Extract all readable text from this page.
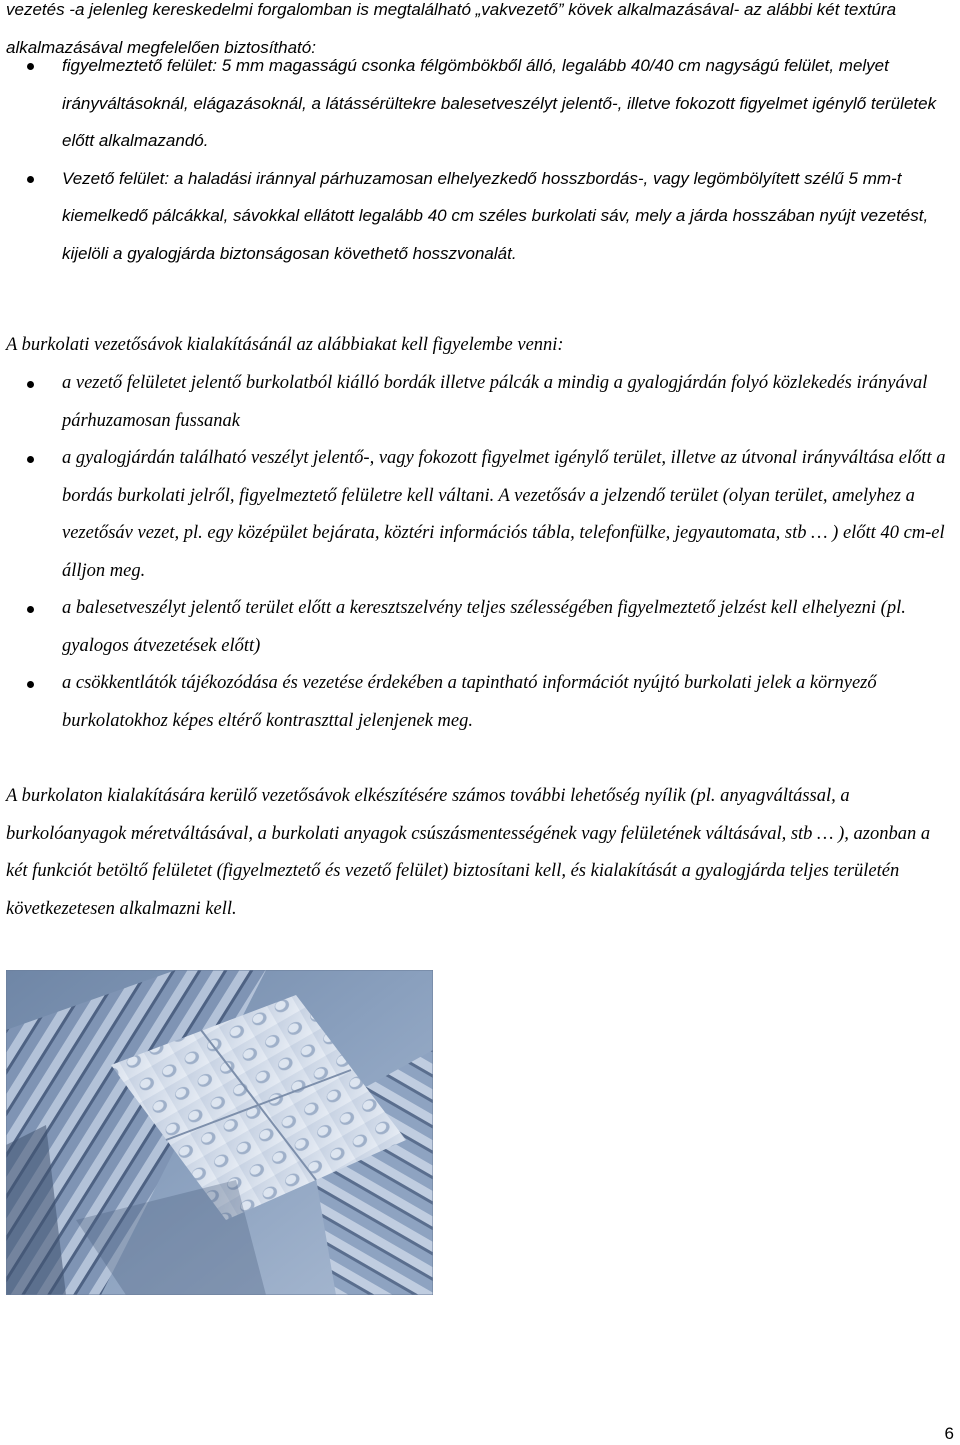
vezetés -a jelenleg kereskedelmi forgalomban is megtalálható „vakvezető” kövek alkalmazásával- az alábbi két textúra alkalmazásával megfelelően biztosítható:

figyelmeztető felület: 5 mm magasságú csonka félgömbökből álló, legalább 40/40 cm nagyságú felület, melyet irányváltásoknál, elágazásoknál, a látássérültekre balesetveszélyt jelentő-, illetve fokozott figyelmet igénylő területek előtt alkalmazandó.
Vezető felület: a haladási iránnyal párhuzamosan elhelyezkedő hosszbordás-, vagy legömbölyített szélű 5 mm-t kiemelkedő pálcákkal, sávokkal ellátott legalább 40 cm széles burkolati sáv, mely a járda hosszában nyújt vezetést, kijelöli a gyalogjárda biztonságosan követhető hosszvonalát.

A burkolati vezetősávok kialakításánál az alábbiakat kell figyelembe venni:

a vezető felületet jelentő burkolatból kiálló bordák illetve pálcák a mindig a gyalogjárdán folyó közlekedés irányával párhuzamosan fussanak
a gyalogjárdán található veszélyt jelentő-, vagy fokozott figyelmet igénylő terület, illetve az útvonal irányváltása előtt a bordás burkolati jelről, figyelmeztető felületre kell váltani. A vezetősáv a jelzendő terület (olyan terület, amelyhez a vezetősáv vezet, pl. egy középület bejárata, köztéri információs tábla, telefonfülke, jegyautomata, stb … ) előtt 40 cm-el álljon meg.
a balesetveszélyt jelentő terület előtt a keresztszelvény teljes szélességében figyelmeztető jelzést kell elhelyezni (pl. gyalogos átvezetések előtt)
a csökkentlátók tájékozódása és vezetése érdekében a tapintható információt nyújtó burkolati jelek a környező burkolatokhoz képes eltérő kontraszttal jelenjenek meg.

A burkolaton kialakítására kerülő vezetősávok elkészítésére számos további lehetőség nyílik (pl. anyagváltással, a burkolóanyagok méretváltásával, a burkolati anyagok csúszásmentességének vagy felületének váltásával, stb … ), azonban a két funkciót betöltő felületet (figyelmeztető és vezető felület) biztosítani kell, és kialakítását a gyalogjárda teljes területén következetesen alkalmazni kell.

6
